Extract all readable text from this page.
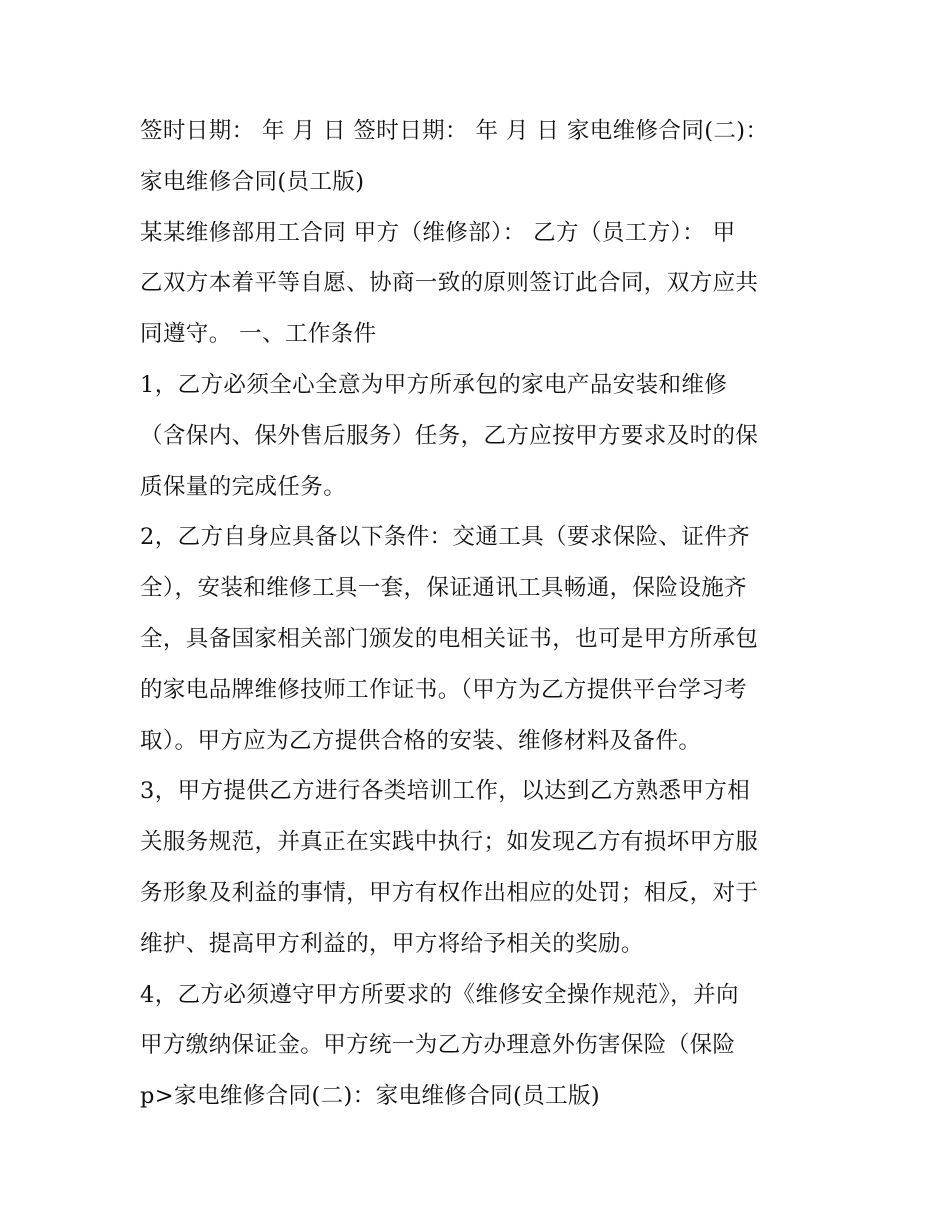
签时日期： 年 月 日 签时日期： 年 月 日 家电维修合同(二)：
家电维修合同(员工版)
某某维修部用工合同 甲方（维修部）： 乙方（员工方）： 甲
乙双方本着平等自愿、协商一致的原则签订此合同，双方应共
同遵守。 一、工作条件
1，乙方必须全心全意为甲方所承包的家电产品安装和维修
（含保内、保外售后服务）任务，乙方应按甲方要求及时的保
质保量的完成任务。
2，乙方自身应具备以下条件：交通工具（要求保险、证件齐
全），安装和维修工具一套，保证通讯工具畅通，保险设施齐
全，具备国家相关部门颁发的电相关证书，也可是甲方所承包
的家电品牌维修技师工作证书。（甲方为乙方提供平台学习考
取）。甲方应为乙方提供合格的安装、维修材料及备件。
3，甲方提供乙方进行各类培训工作，以达到乙方熟悉甲方相
关服务规范，并真正在实践中执行；如发现乙方有损坏甲方服
务形象及利益的事情，甲方有权作出相应的处罚；相反，对于
维护、提高甲方利益的，甲方将给予相关的奖励。
4，乙方必须遵守甲方所要求的《维修安全操作规范》，并向
甲方缴纳保证金。甲方统一为乙方办理意外伤害保险（保险
p>家电维修合同(二)：家电维修合同(员工版)
